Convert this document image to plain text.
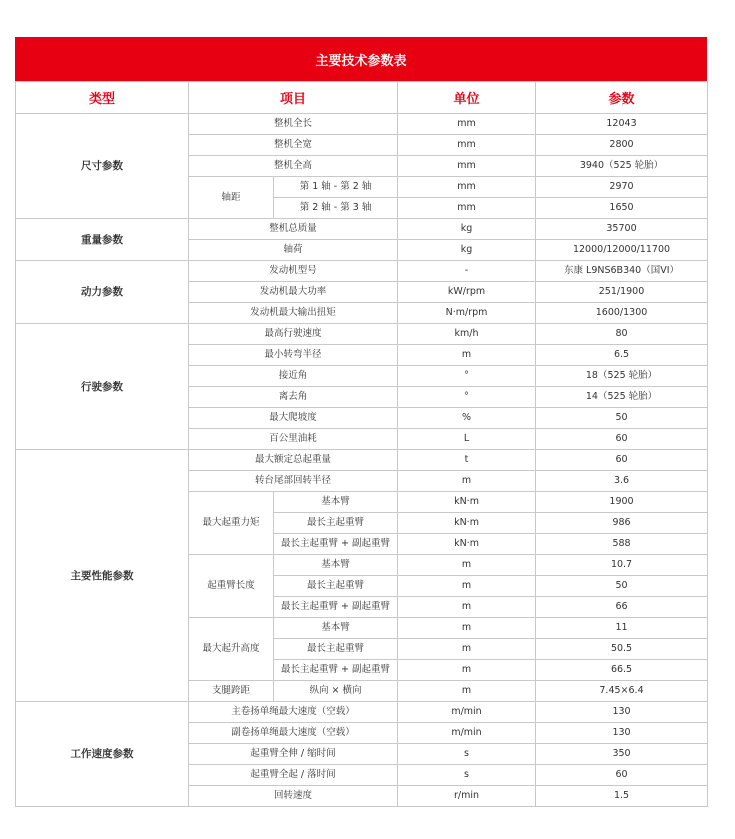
主要技术参数表
类型	项目		单位	参数
尺寸参数	整机全长		mm	12043
	整机全宽		mm	2800
	整机全高		mm	3940（525 轮胎）
	轴距	第 1 轴 - 第 2 轴	mm	2970
		第 2 轴 - 第 3 轴	mm	1650
重量参数	整机总质量		kg	35700
	轴荷		kg	12000/12000/11700
动力参数	发动机型号		-	东康 L9NS6B340（国VI）
	发动机最大功率		kW/rpm	251/1900
	发动机最大输出扭矩		N·m/rpm	1600/1300
行驶参数	最高行驶速度		km/h	80
	最小转弯半径		m	6.5
	接近角		°	18（525 轮胎）
	离去角		°	14（525 轮胎）
	最大爬坡度		%	50
	百公里油耗		L	60
主要性能参数	最大额定总起重量		t	60
	转台尾部回转半径		m	3.6
	最大起重力矩	基本臂	kN·m	1900
		最长主起重臂	kN·m	986
		最长主起重臂 + 副起重臂	kN·m	588
	起重臂长度	基本臂	m	10.7
		最长主起重臂	m	50
		最长主起重臂 + 副起重臂	m	66
	最大起升高度	基本臂	m	11
		最长主起重臂	m	50.5
		最长主起重臂 + 副起重臂	m	66.5
	支腿跨距	纵向 × 横向	m	7.45×6.4
工作速度参数	主卷扬单绳最大速度（空载）		m/min	130
	副卷扬单绳最大速度（空载）		m/min	130
	起重臂全伸 / 缩时间		s	350
	起重臂全起 / 落时间		s	60
	回转速度		r/min	1.5
